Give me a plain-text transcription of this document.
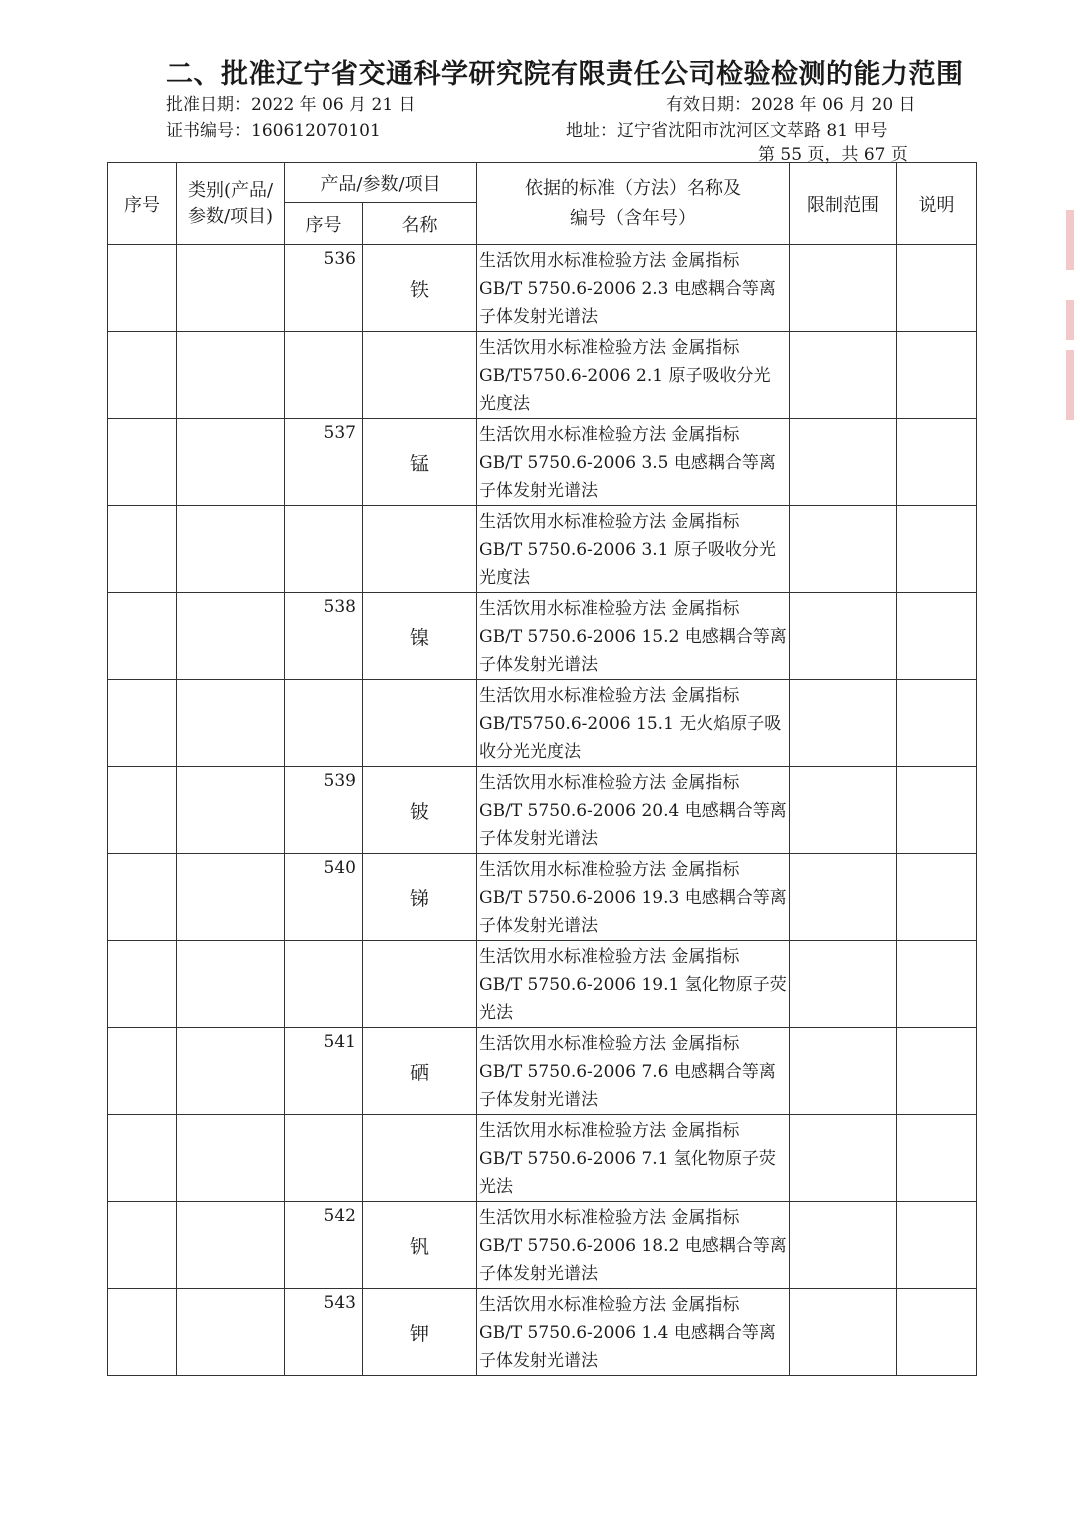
二、批准辽宁省交通科学研究院有限责任公司检验检测的能力范围
批准日期：2022 年 06 月 21 日	有效日期：2028 年 06 月 20 日
证书编号：160612070101	地址：辽宁省沈阳市沈河区文萃路 81 甲号
第 55 页，共 67 页
序号	类别(产品/参数/项目)	产品/参数/项目		依据的标准（方法）名称及编号（含年号）	限制范围	说明
		序号	名称			
		536	铁	生活饮用水标准检验方法 金属指标
GB/T 5750.6-2006 2.3 电感耦合等离
子体发射光谱法		

				生活饮用水标准检验方法 金属指标
GB/T5750.6-2006 2.1 原子吸收分光
光度法		

		537	锰	生活饮用水标准检验方法 金属指标
GB/T 5750.6-2006 3.5 电感耦合等离
子体发射光谱法		

				生活饮用水标准检验方法 金属指标
GB/T 5750.6-2006 3.1 原子吸收分光
光度法		

		538	镍	生活饮用水标准检验方法 金属指标
GB/T 5750.6-2006 15.2 电感耦合等离
子体发射光谱法		

				生活饮用水标准检验方法 金属指标
GB/T5750.6-2006 15.1 无火焰原子吸
收分光光度法		

		539	铍	生活饮用水标准检验方法 金属指标
GB/T 5750.6-2006 20.4 电感耦合等离
子体发射光谱法		

		540	锑	生活饮用水标准检验方法 金属指标
GB/T 5750.6-2006 19.3 电感耦合等离
子体发射光谱法		

				生活饮用水标准检验方法 金属指标
GB/T 5750.6-2006 19.1 氢化物原子荧
光法		

		541	硒	生活饮用水标准检验方法 金属指标
GB/T 5750.6-2006 7.6 电感耦合等离
子体发射光谱法		

				生活饮用水标准检验方法 金属指标
GB/T 5750.6-2006 7.1 氢化物原子荧
光法		

		542	钒	生活饮用水标准检验方法 金属指标
GB/T 5750.6-2006 18.2 电感耦合等离
子体发射光谱法		

		543	钾	生活饮用水标准检验方法 金属指标
GB/T 5750.6-2006 1.4 电感耦合等离
子体发射光谱法		
